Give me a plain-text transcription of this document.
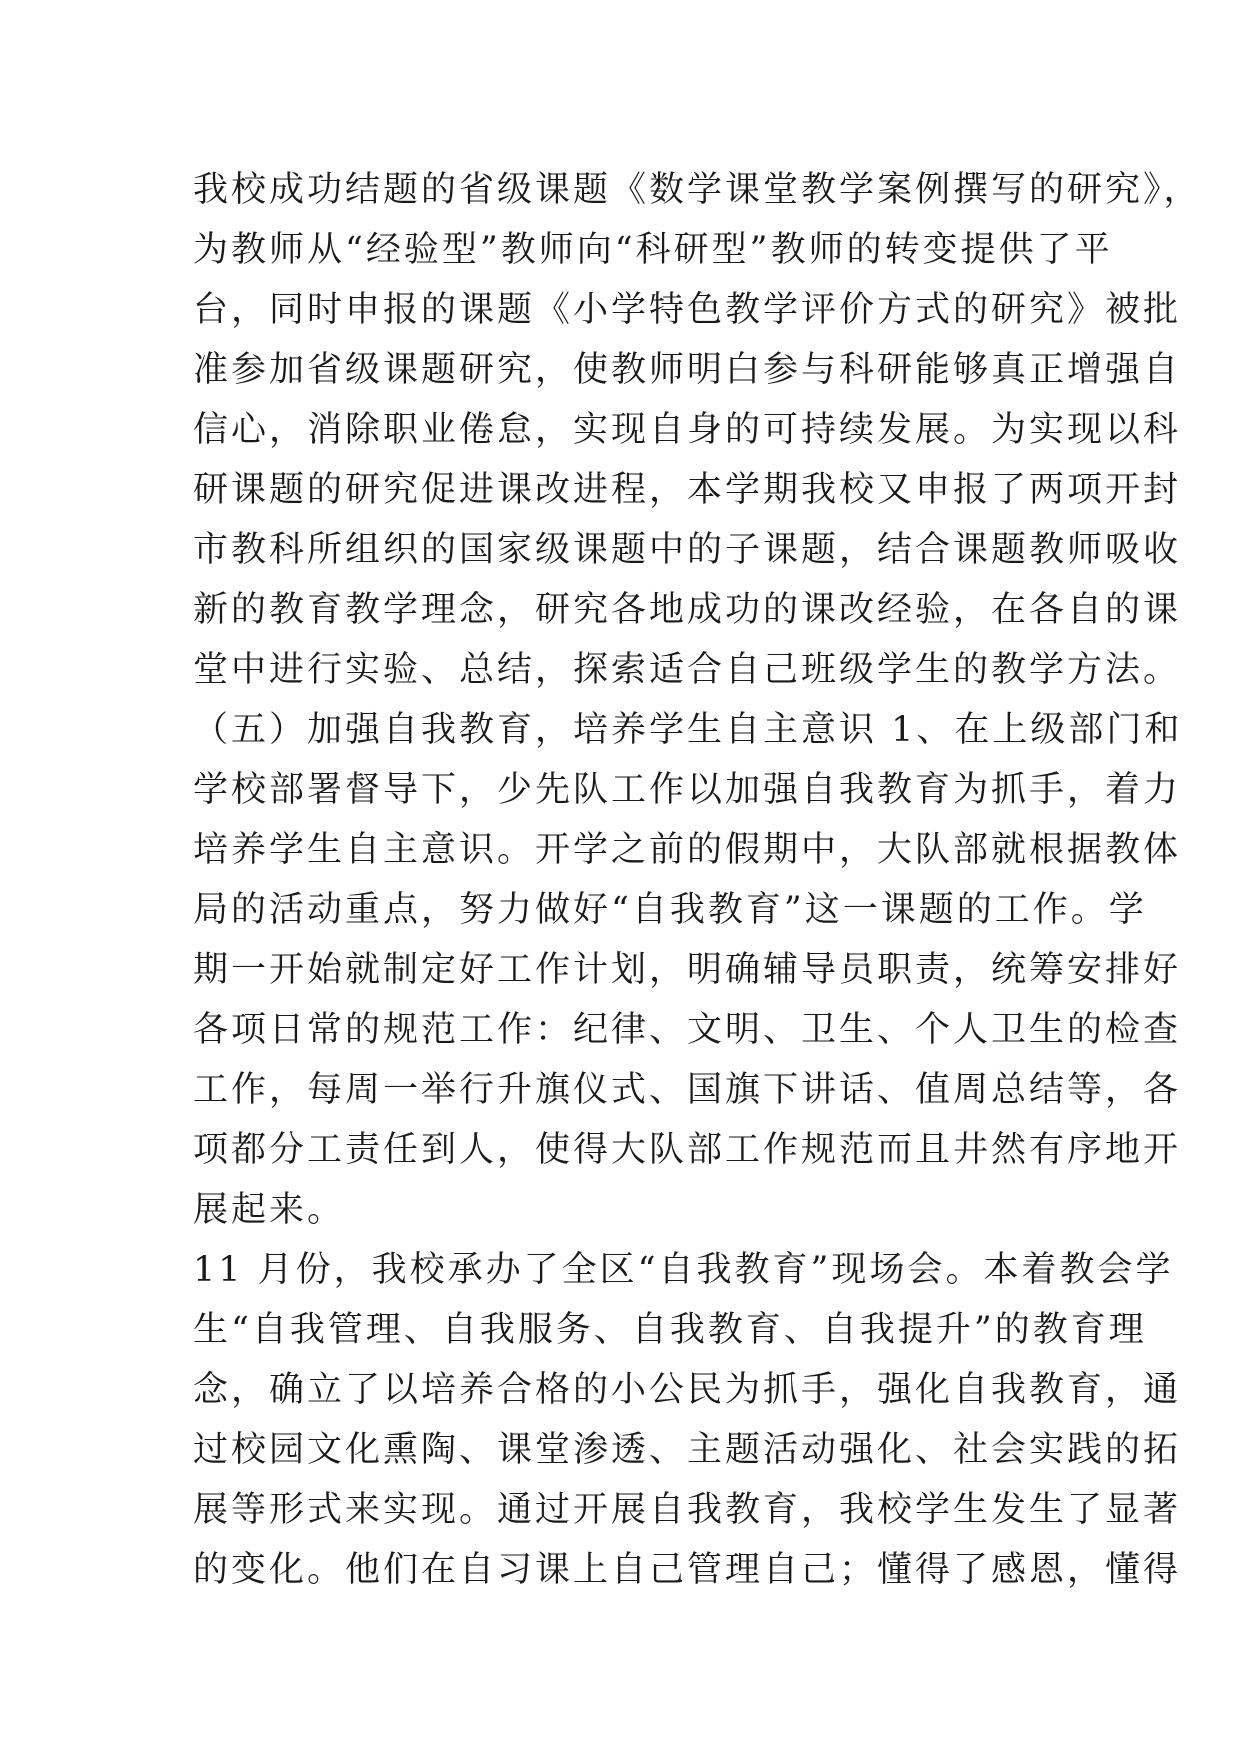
我校成功结题的省级课题《数学课堂教学案例撰写的研究》，
为教师从“经验型”教师向“科研型”教师的转变提供了平
台，同时申报的课题《小学特色教学评价方式的研究》被批
准参加省级课题研究，使教师明白参与科研能够真正增强自
信心，消除职业倦怠，实现自身的可持续发展。为实现以科
研课题的研究促进课改进程，本学期我校又申报了两项开封
市教科所组织的国家级课题中的子课题，结合课题教师吸收
新的教育教学理念，研究各地成功的课改经验，在各自的课
堂中进行实验、总结，探索适合自己班级学生的教学方法。
（五）加强自我教育，培养学生自主意识 1、在上级部门和
学校部署督导下，少先队工作以加强自我教育为抓手，着力
培养学生自主意识。开学之前的假期中，大队部就根据教体
局的活动重点，努力做好“自我教育”这一课题的工作。学
期一开始就制定好工作计划，明确辅导员职责，统筹安排好
各项日常的规范工作：纪律、文明、卫生、个人卫生的检查
工作，每周一举行升旗仪式、国旗下讲话、值周总结等，各
项都分工责任到人，使得大队部工作规范而且井然有序地开
展起来。
11 月份，我校承办了全区“自我教育”现场会。本着教会学
生“自我管理、自我服务、自我教育、自我提升”的教育理
念，确立了以培养合格的小公民为抓手，强化自我教育，通
过校园文化熏陶、课堂渗透、主题活动强化、社会实践的拓
展等形式来实现。通过开展自我教育，我校学生发生了显著
的变化。他们在自习课上自己管理自己；懂得了感恩，懂得
